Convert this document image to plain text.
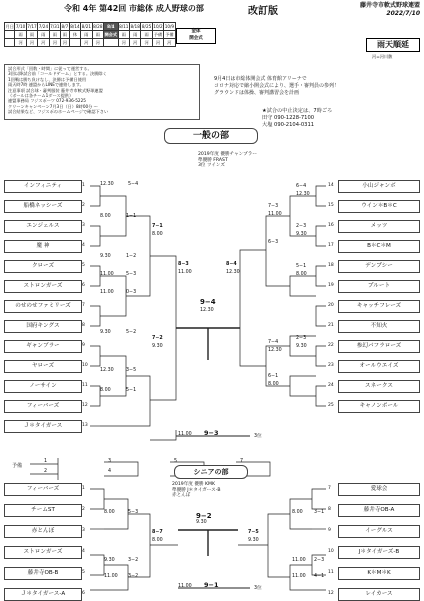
令和 4年 第42回 市総体 成人野球の部	改訂版
藤井寺市軟式野球連盟
2022/7/10
月日	7/10	7/17	7/24	7/31	8/7	8/14	8/21	8/28	8/4	8/11	8/18	8/25	10/2	10/9
	雨	雨	雨	雨	雨	休	雨	雨	開会式	雨	雨	雨	予備	予備
	河	河	河	河	河		河	河		河	河	河	河	河
金体
開会式
雨天順延
河=河川敷
試合形式「回数・時間」に従って運営する。
3回以降試合前「コールドゲーム」とする。決勝除く
1回戦は勝ち負けなし、決勝は予備日使用
雨天時7時 連盟からLINEで連絡します。
注意事項 試合球・審判服装 藤井寺市軟式野球連盟
（ボールは各チーム1ダース提供）
連盟事務局 フジスポーツ 072-936-5225
クリーンキャンペーン7月3日（日）8時00分 〜
試合結果など、フジスポのホームページで確認下さい
9月4日は市総体開会式 体育館アリーナで
コロナ対応で縮小開会式により、選手・審判員の参列！
グラウンドは体操、審判講習会を計画
★試合の中止決定は、7時ごろ
田守 090-1228-7100
大塩 090-2104-0311
一般の部
2019年度 優勝チャンプラー
準優勝 FRAST
3位 ツインズ
インフィニティ	1
船橋ネッシーズ	2
エンジェルス	3
魔 神	4
クローズ	5
ストロンガーズ	6
のせのせファミリーズ	7
国府キングス	8
ギャンブラー	9
ヤローズ	10
ノーサイン	11
フィーバーズ	12
Ｊ＊タイガース	13
小山ジャンボ
14
ウイン＊B＊C
15
メッツ
16
B＊C＊M
17
デンプシー
18
プルート
19
キャッチフレーズ
20
不知火
21
参幻パフラローズ
22
オールウエイズ
23
スネークス
24
キャノンボール
25
12.30	5−4
8.00	1−1
9.30	1−2
11.00	5−3
7−1
8.00
11.00	0−3
9.30	5−2
7−2
9.30
12.30	3−5
8.00	5−1
8−3
11.00
9−4
12.30
8−4
12.30
6−4
12.30
7−3
11.00
2−3
9.30
6−3
5−1
8.00
7−4
12.30
2−3
9.30
6−1
8.00
11.00 9−3	3位
予備
1
2
3
4
5	7
シニアの部
2019年度 優勝 KMK
準優勝 J＊タイガース-B
赤とんぼ
フィーバーズ	1
チームST	2
赤とんぼ	3
ストロンガーズ	4
藤井寺OB-B	5
Ｊ＊タイガース-A	6
愛球会
7
藤井寺OB-A
8
イーグルス
9
J＊タイガーズ-B
10
K＊M＊K
11
レイカース
12
8.00	5−3
9.30	3−2
11.00 3−2
8−7
8.00
9−2
9.30
7−5
9.30
8.00 3−1
11.00 2−3
11.00 4−1
11.00 9−1	3位
